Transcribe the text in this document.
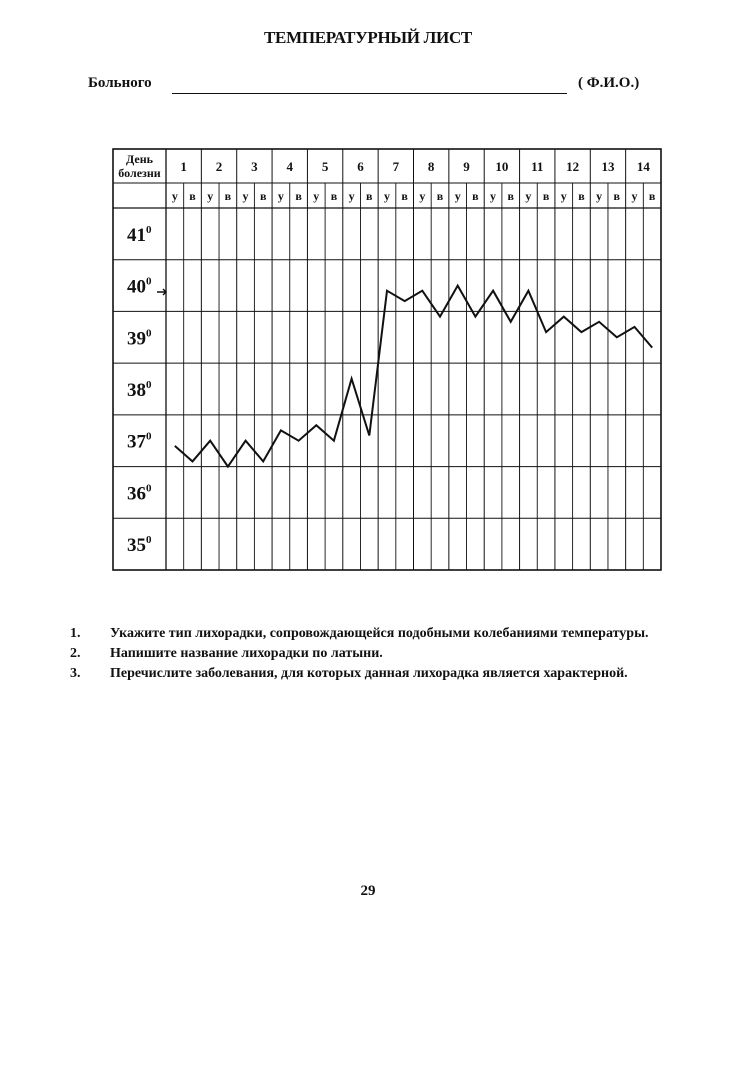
ТЕМПЕРАТУРНЫЙ ЛИСТ
Больного	( Ф.И.О.)
День
болезни 1 2 3 4 5 6 7 8 9 10 11 12 13 14
у в у в у в у в у в у в у в у в у в у в у в у в у в у в
$41^0$
$40^0$
$39^0$
$38^0$
$37^0$
$36^0$
$35^0$
1. Укажите тип лихорадки, сопровождающейся подобными колебаниями температуры.
2. Напишите название лихорадки по латыни.
3. Перечислите заболевания, для которых данная лихорадка является характерной.
29
